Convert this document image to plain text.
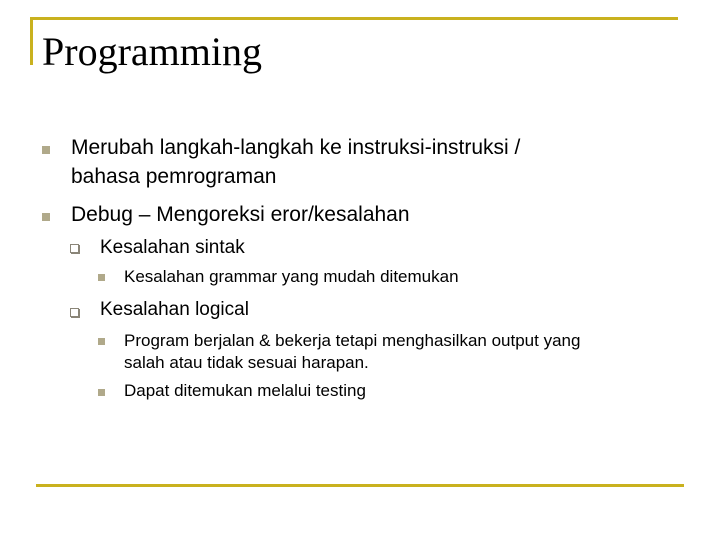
Programming
Merubah langkah-langkah ke instruksi-instruksi /
bahasa pemrograman
Debug – Mengoreksi eror/kesalahan
Kesalahan sintak
Kesalahan grammar yang mudah ditemukan
Kesalahan logical
Program berjalan & bekerja tetapi menghasilkan output yang
salah atau tidak sesuai harapan.
Dapat ditemukan melalui testing
